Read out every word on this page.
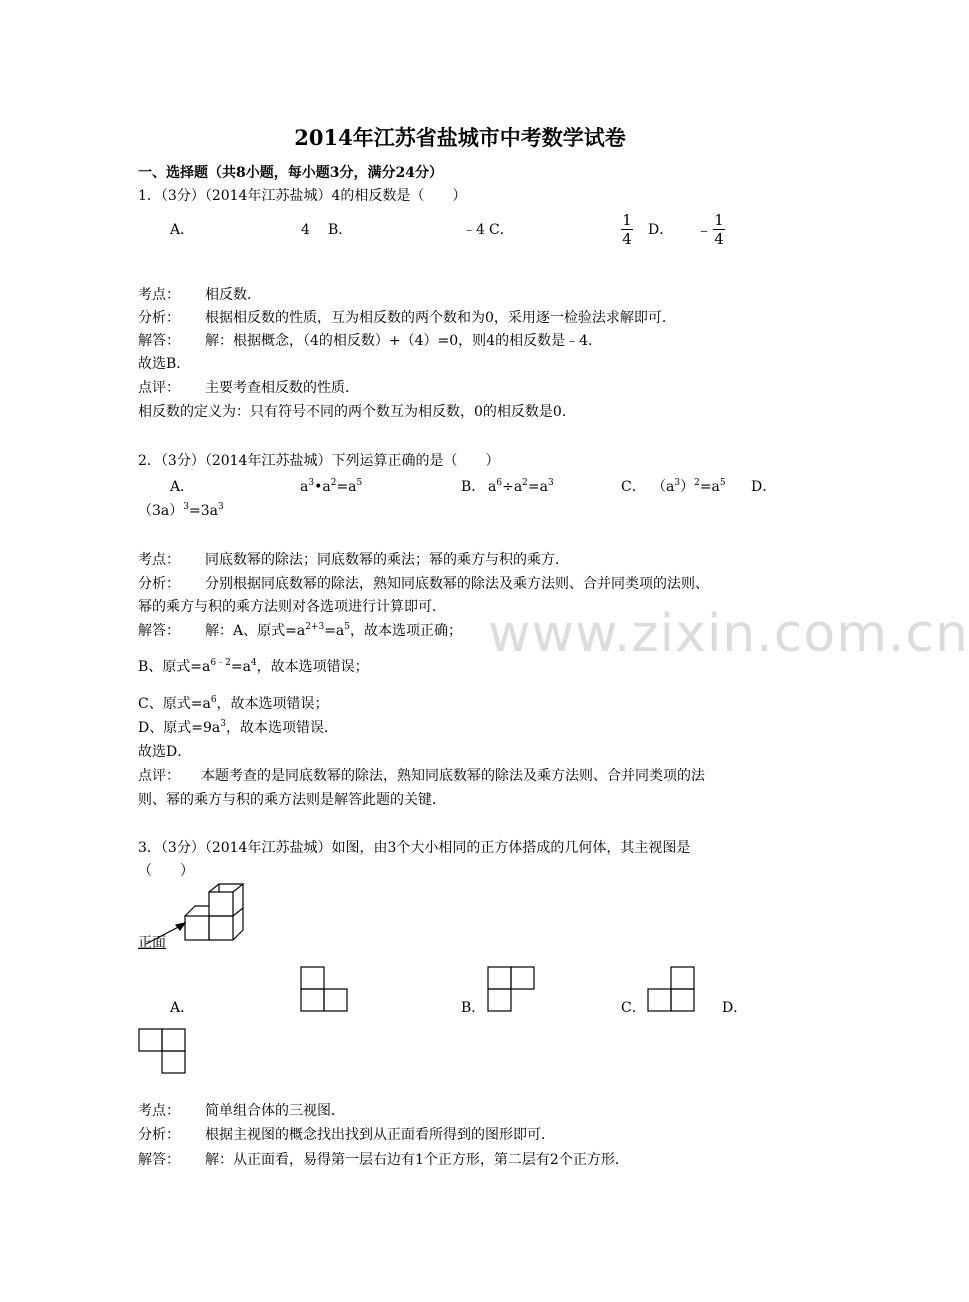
www.zixin.com.cn
2014年江苏省盐城市中考数学试卷
一、选择题（共8小题，每小题3分，满分24分）
1．（3分）（2014年江苏盐城）4的相反数是（　　）
A．	4 B．	﹣4 C．
1
4 D． ﹣ 1
4
考点： 相反数．
分析： 根据相反数的性质，互为相反数的两个数和为0，采用逐一检验法求解即可．
解答： 解：根据概念，（4的相反数）+（4）=0，则4的相反数是﹣4．
故选B．
点评： 主要考查相反数的性质．
相反数的定义为：只有符号不同的两个数互为相反数，0的相反数是0．
2．（3分）（2014年江苏盐城）下列运算正确的是（　　）
A．	$a^3•a^2=a^5$	B． $a^6\div a^2=a^3$	C． $(a^3)^2=a^5$ D．
$(3a)^3=3a^3$
考点： 同底数幂的除法；同底数幂的乘法；幂的乘方与积的乘方．
分析： 分别根据同底数幂的除法，熟知同底数幂的除法及乘方法则、合并同类项的法则、
幂的乘方与积的乘方法则对各选项进行计算即可．
解答： 解：A、原式$=a^{2+3}=a^5$，故本选项正确；
B、原式$=a^{6﹣2}=a^4$，故本选项错误；
C、原式$=a^6$，故本选项错误；
D、原式$=9a^3$，故本选项错误．
故选D．
点评： 本题考查的是同底数幂的除法，熟知同底数幂的除法及乘方法则、合并同类项的法
则、幂的乘方与积的乘方法则是解答此题的关键．
3．（3分）（2014年江苏盐城）如图，由3个大小相同的正方体搭成的几何体，其主视图是
（　　）
正面
A．	B．	C．	D．
考点： 简单组合体的三视图．
分析： 根据主视图的概念找出找到从正面看所得到的图形即可．
解答： 解：从正面看，易得第一层右边有1个正方形，第二层有2个正方形．
